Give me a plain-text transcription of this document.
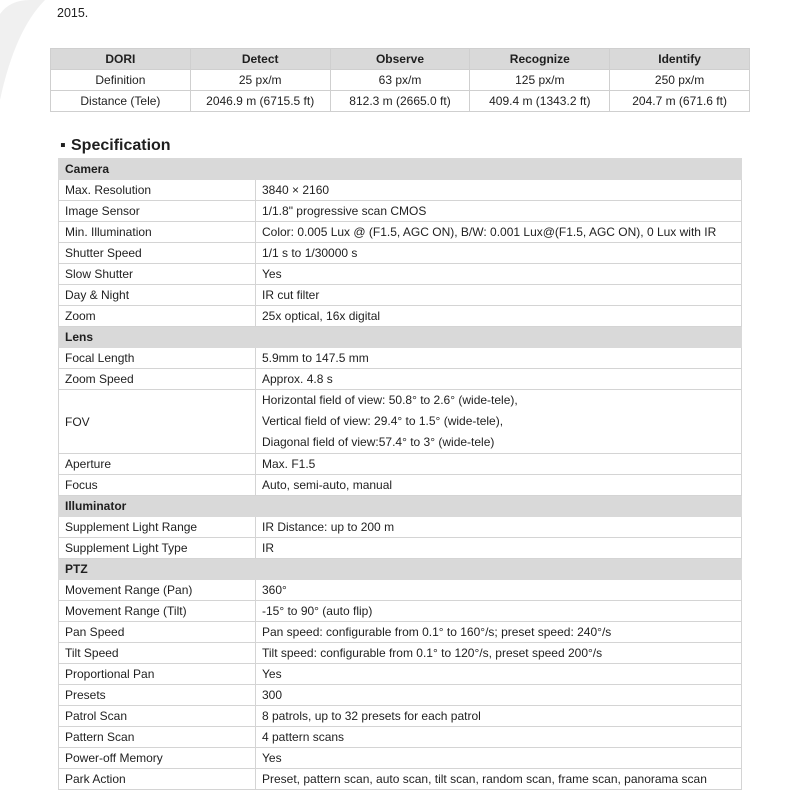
2015.
DORI	Detect	Observe	Recognize	Identify
Definition	25 px/m	63 px/m	125 px/m	250 px/m
Distance (Tele)	2046.9 m (6715.5 ft)	812.3 m (2665.0 ft)	409.4 m (1343.2 ft)	204.7 m (671.6 ft)
▪ Specification
Camera	
Max. Resolution	3840 × 2160
Image Sensor	1/1.8" progressive scan CMOS
Min. Illumination	Color: 0.005 Lux @ (F1.5, AGC ON), B/W: 0.001 Lux@(F1.5, AGC ON), 0 Lux with IR
Shutter Speed	1/1 s to 1/30000 s
Slow Shutter	Yes
Day & Night	IR cut filter
Zoom	25x optical, 16x digital
Lens	
Focal Length	5.9mm to 147.5 mm
Zoom Speed	Approx. 4.8 s
FOV	Horizontal field of view: 50.8° to 2.6° (wide-tele),
Vertical field of view: 29.4° to 1.5° (wide-tele),
Diagonal field of view:57.4° to 3° (wide-tele)

Aperture	Max. F1.5
Focus	Auto, semi-auto, manual
Illuminator	
Supplement Light Range	IR Distance: up to 200 m
Supplement Light Type	IR
PTZ	
Movement Range (Pan)	360°
Movement Range (Tilt)	-15° to 90° (auto flip)
Pan Speed	Pan speed: configurable from 0.1° to 160°/s; preset speed: 240°/s
Tilt Speed	Tilt speed: configurable from 0.1° to 120°/s, preset speed 200°/s
Proportional Pan	Yes
Presets	300
Patrol Scan	8 patrols, up to 32 presets for each patrol
Pattern Scan	4 pattern scans
Power-off Memory	Yes
Park Action	Preset, pattern scan, auto scan, tilt scan, random scan, frame scan, panorama scan
